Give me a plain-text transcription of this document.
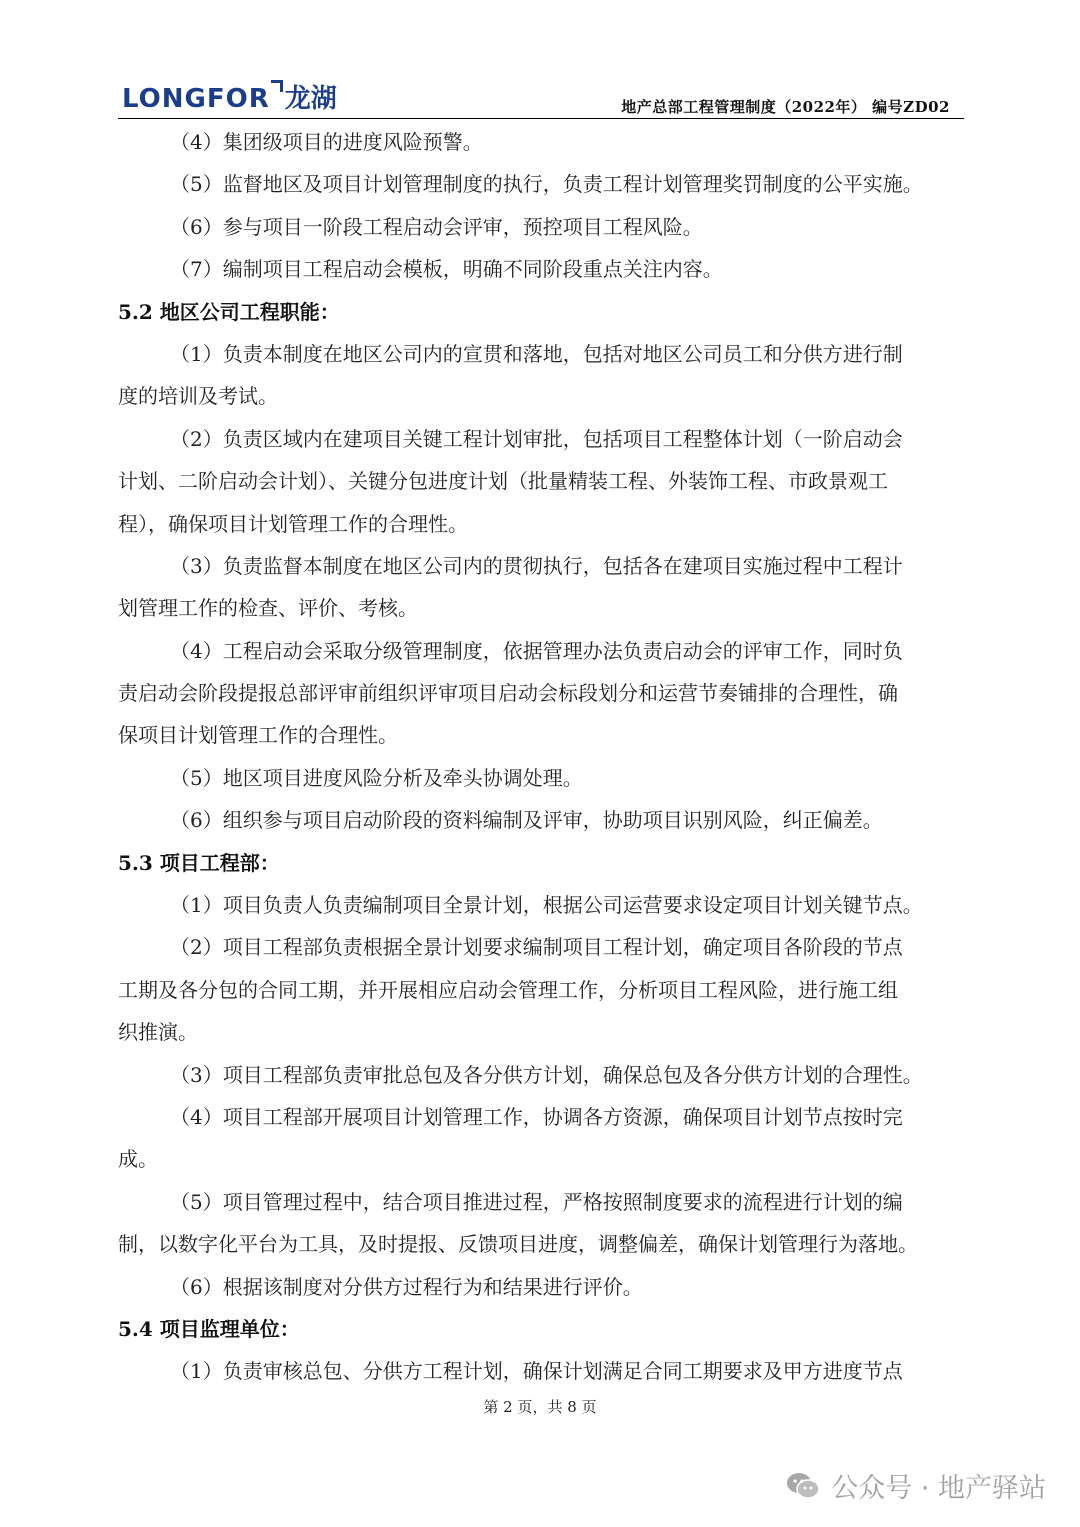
LONGFOR 龙湖	地产总部工程管理制度（2022年） 编号ZD02
（4）集团级项目的进度风险预警。
（5）监督地区及项目计划管理制度的执行，负责工程计划管理奖罚制度的公平实施。
（6）参与项目一阶段工程启动会评审，预控项目工程风险。
（7）编制项目工程启动会模板，明确不同阶段重点关注内容。
5.2 地区公司工程职能：
（1）负责本制度在地区公司内的宣贯和落地，包括对地区公司员工和分供方进行制
度的培训及考试。
（2）负责区域内在建项目关键工程计划审批，包括项目工程整体计划（一阶启动会
计划、二阶启动会计划）、关键分包进度计划（批量精装工程、外装饰工程、市政景观工
程），确保项目计划管理工作的合理性。
（3）负责监督本制度在地区公司内的贯彻执行，包括各在建项目实施过程中工程计
划管理工作的检查、评价、考核。
（4）工程启动会采取分级管理制度，依据管理办法负责启动会的评审工作，同时负
责启动会阶段提报总部评审前组织评审项目启动会标段划分和运营节奏铺排的合理性，确
保项目计划管理工作的合理性。
（5）地区项目进度风险分析及牵头协调处理。
（6）组织参与项目启动阶段的资料编制及评审，协助项目识别风险，纠正偏差。
5.3 项目工程部：
（1）项目负责人负责编制项目全景计划，根据公司运营要求设定项目计划关键节点。
（2）项目工程部负责根据全景计划要求编制项目工程计划，确定项目各阶段的节点
工期及各分包的合同工期，并开展相应启动会管理工作，分析项目工程风险，进行施工组
织推演。
（3）项目工程部负责审批总包及各分供方计划，确保总包及各分供方计划的合理性。
（4）项目工程部开展项目计划管理工作，协调各方资源，确保项目计划节点按时完
成。
（5）项目管理过程中，结合项目推进过程，严格按照制度要求的流程进行计划的编
制，以数字化平台为工具，及时提报、反馈项目进度，调整偏差，确保计划管理行为落地。
（6）根据该制度对分供方过程行为和结果进行评价。
5.4 项目监理单位：
（1）负责审核总包、分供方工程计划，确保计划满足合同工期要求及甲方进度节点
第 2 页，共 8 页
公众号 · 地产驿站
